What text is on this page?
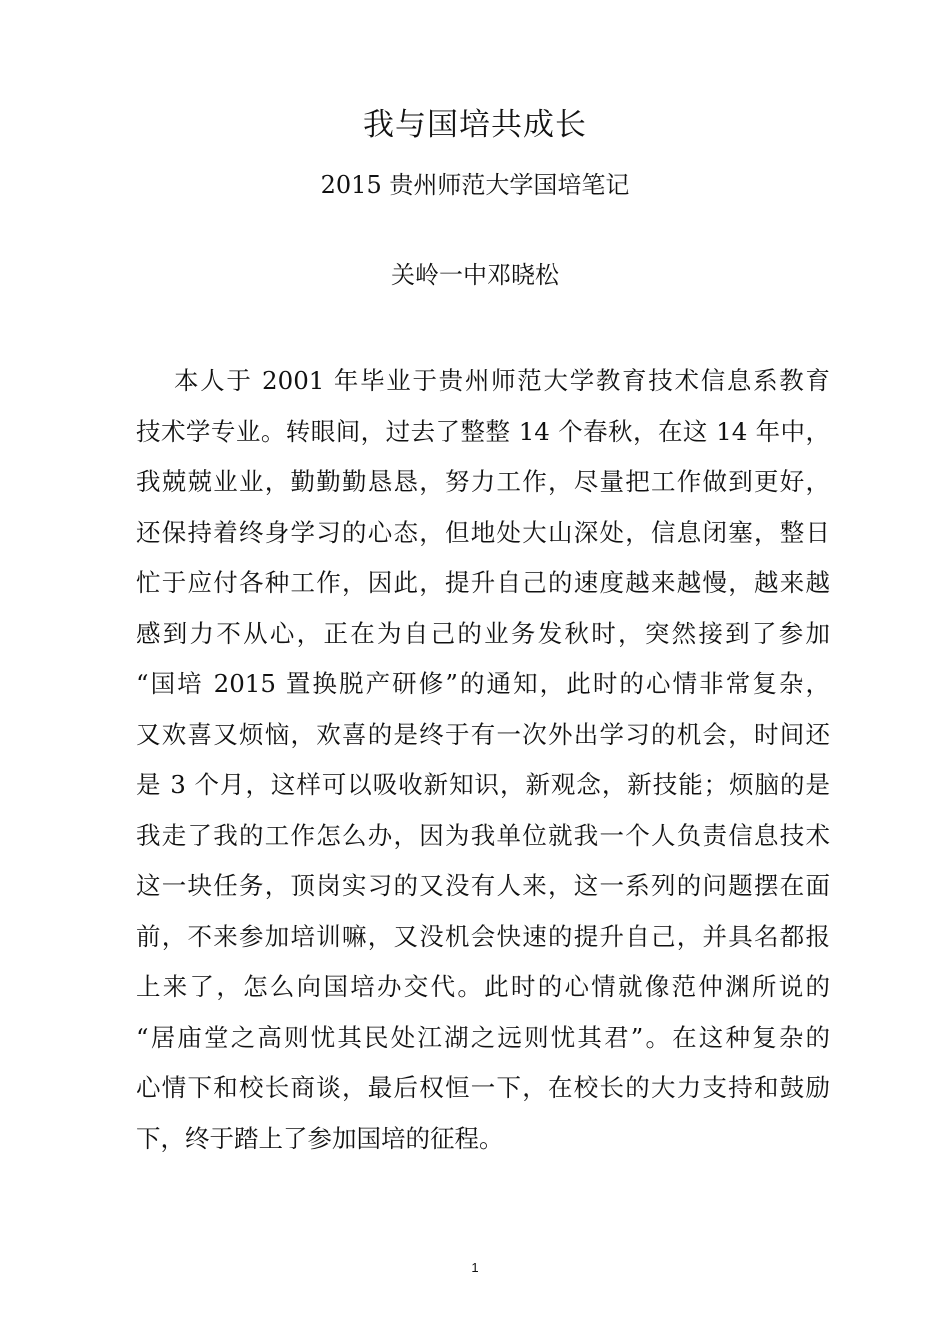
我与国培共成长
2015 贵州师范大学国培笔记
关岭一中邓晓松
本人于 2001 年毕业于贵州师范大学教育技术信息系教育
技术学专业。转眼间，过去了整整 14 个春秋，在这 14 年中，
我兢兢业业，勤勤勤恳恳，努力工作，尽量把工作做到更好，
还保持着终身学习的心态，但地处大山深处，信息闭塞，整日
忙于应付各种工作，因此，提升自己的速度越来越慢，越来越
感到力不从心，正在为自己的业务发秋时，突然接到了参加
“国培 2015 置换脱产研修”的通知，此时的心情非常复杂，
又欢喜又烦恼，欢喜的是终于有一次外出学习的机会，时间还
是 3 个月，这样可以吸收新知识，新观念，新技能；烦脑的是
我走了我的工作怎么办，因为我单位就我一个人负责信息技术
这一块任务，顶岗实习的又没有人来，这一系列的问题摆在面
前，不来参加培训嘛，又没机会快速的提升自己，并具名都报
上来了，怎么向国培办交代。此时的心情就像范仲渊所说的
“居庙堂之高则忧其民处江湖之远则忧其君”。在这种复杂的
心情下和校长商谈，最后权恒一下，在校长的大力支持和鼓励
下，终于踏上了参加国培的征程。
1
